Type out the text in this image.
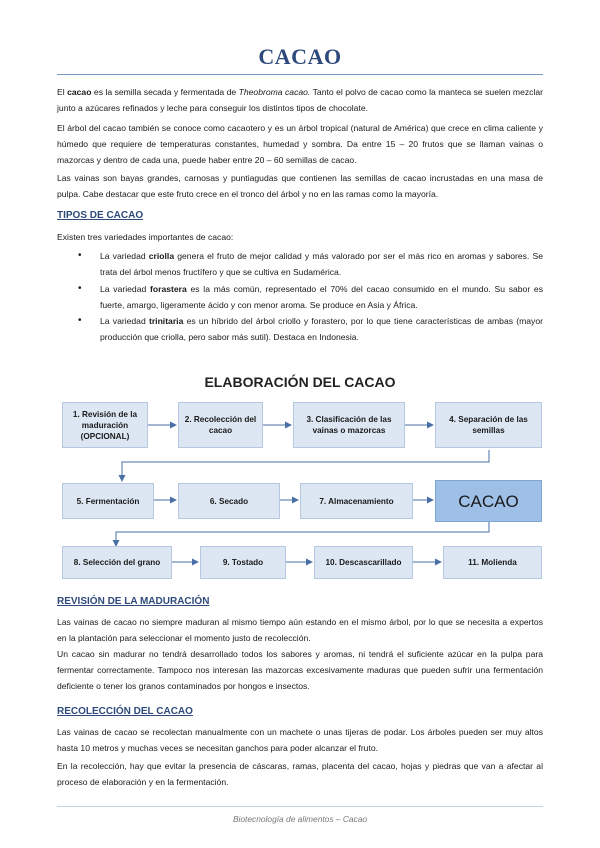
CACAO

El cacao es la semilla secada y fermentada de Theobroma cacao. Tanto el polvo de cacao como la manteca se suelen mezclar junto a azúcares refinados y leche para conseguir los distintos tipos de chocolate.

El árbol del cacao también se conoce como cacaotero y es un árbol tropical (natural de América) que crece en clima caliente y húmedo que requiere de temperaturas constantes, humedad y sombra. Da entre 15 – 20 frutos que se llaman vainas o mazorcas y dentro de cada una, puede haber entre 20 – 60 semillas de cacao.

Las vainas son bayas grandes, carnosas y puntiagudas que contienen las semillas de cacao incrustadas en una masa de pulpa. Cabe destacar que este fruto crece en el tronco del árbol y no en las ramas como la mayoría.

TIPOS DE CACAO

Existen tres variedades importantes de cacao:

• La variedad criolla genera el fruto de mejor calidad y más valorado por ser el más rico en aromas y sabores. Se trata del árbol menos fructífero y que se cultiva en Sudamérica.

• La variedad forastera es la más común, representado el 70% del cacao consumido en el mundo. Su sabor es fuerte, amargo, ligeramente ácido y con menor aroma. Se produce en Asia y África.

• La variedad trinitaria es un híbrido del árbol criollo y forastero, por lo que tiene características de ambas (mayor producción que criolla, pero sabor más sutil). Destaca en Indonesia.

ELABORACIÓN DEL CACAO
1. Revisión de la maduración (OPCIONAL)
2. Recolección del cacao
3. Clasificación de las vainas o mazorcas
4. Separación de las semillas
5. Fermentación	6. Secado	7. Almacenamiento	CACAO
8. Selección del grano	9. Tostado	10. Descascarillado	11. Molienda

REVISIÓN DE LA MADURACIÓN

Las vainas de cacao no siempre maduran al mismo tiempo aún estando en el mismo árbol, por lo que se necesita a expertos en la plantación para seleccionar el momento justo de recolección.

Un cacao sin madurar no tendrá desarrollado todos los sabores y aromas, ni tendrá el suficiente azúcar en la pulpa para fermentar correctamente. Tampoco nos interesan las mazorcas excesivamente maduras que pueden sufrir una fermentación deficiente o tener los granos contaminados por hongos e insectos.

RECOLECCIÓN DEL CACAO

Las vainas de cacao se recolectan manualmente con un machete o unas tijeras de podar. Los árboles pueden ser muy altos hasta 10 metros y muchas veces se necesitan ganchos para poder alcanzar el fruto.

En la recolección, hay que evitar la presencia de cáscaras, ramas, placenta del cacao, hojas y piedras que van a afectar al proceso de elaboración y en la fermentación.

Biotecnología de alimentos – Cacao
